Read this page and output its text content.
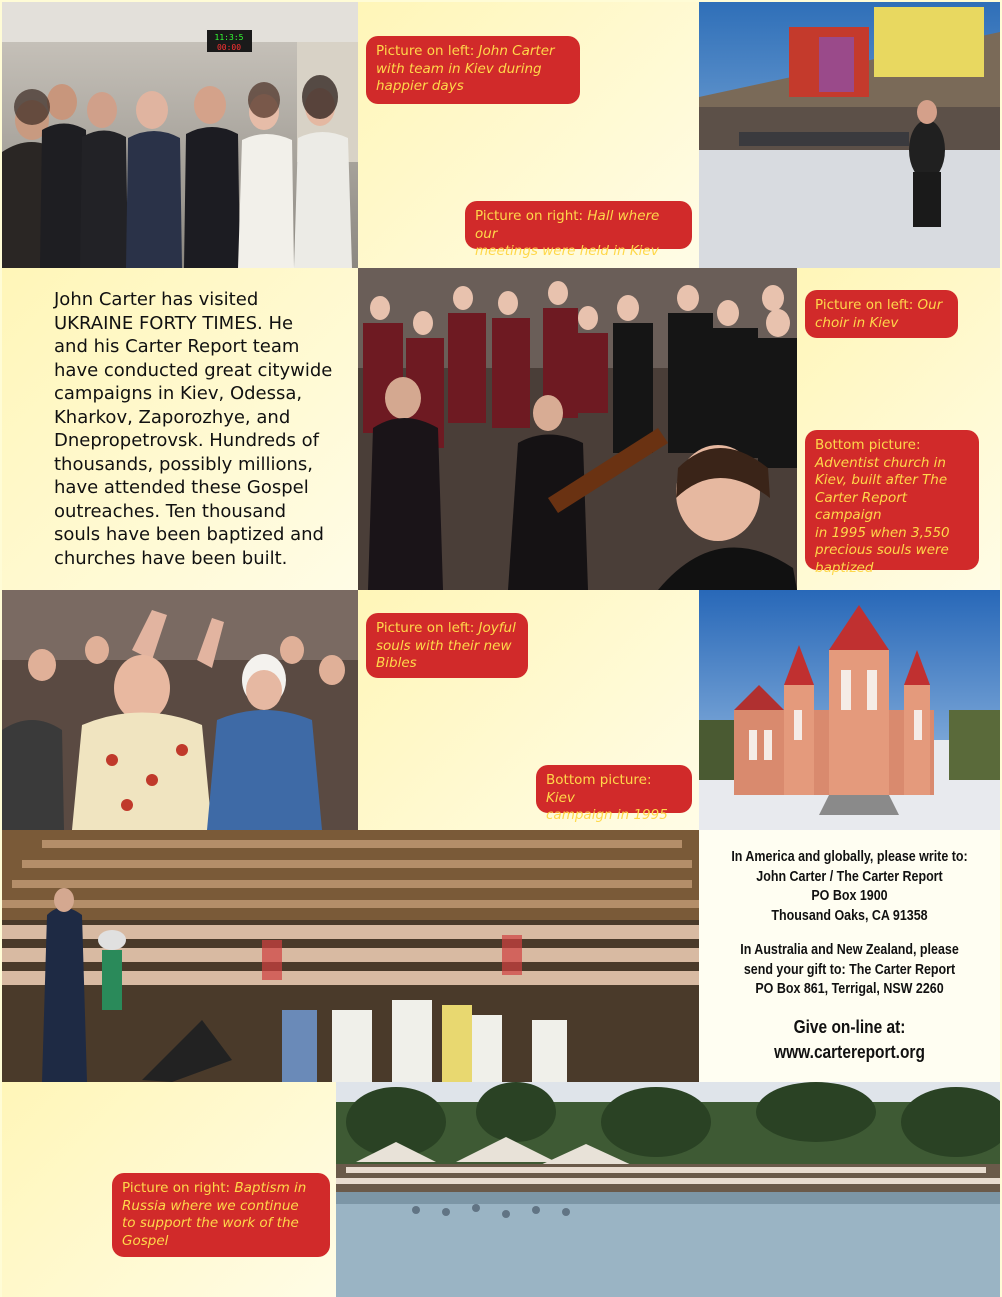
11:3:5
00:00	Picture on left: John Carter
with team in Kiev during
happier days
Picture on right: Hall where our
meetings were held in Kiev
John Carter has visited
UKRAINE FORTY TIMES. He
and his Carter Report team
have conducted great citywide
campaigns in Kiev, Odessa,
Kharkov, Zaporozhye, and
Dnepropetrovsk. Hundreds of
thousands, possibly millions,
have attended these Gospel
outreaches. Ten thousand
souls have been baptized and
churches have been built.
Picture on left: Our
choir in Kiev
Bottom picture:
Adventist church in
Kiev, built after The
Carter Report campaign
in 1995 when 3,550
precious souls were
baptized
Picture on left: Joyful
souls with their new
Bibles
Bottom picture: Kiev
campaign in 1995

In America and globally, please write to:

John Carter / The Carter Report

PO Box 1900

Thousand Oaks, CA 91358

In Australia and New Zealand, please

send your gift to: The Carter Report

PO Box 861, Terrigal, NSW 2260

Give on-line at:

www.cartereport.org

Picture on right: Baptism in
Russia where we continue
to support the work of the
Gospel
